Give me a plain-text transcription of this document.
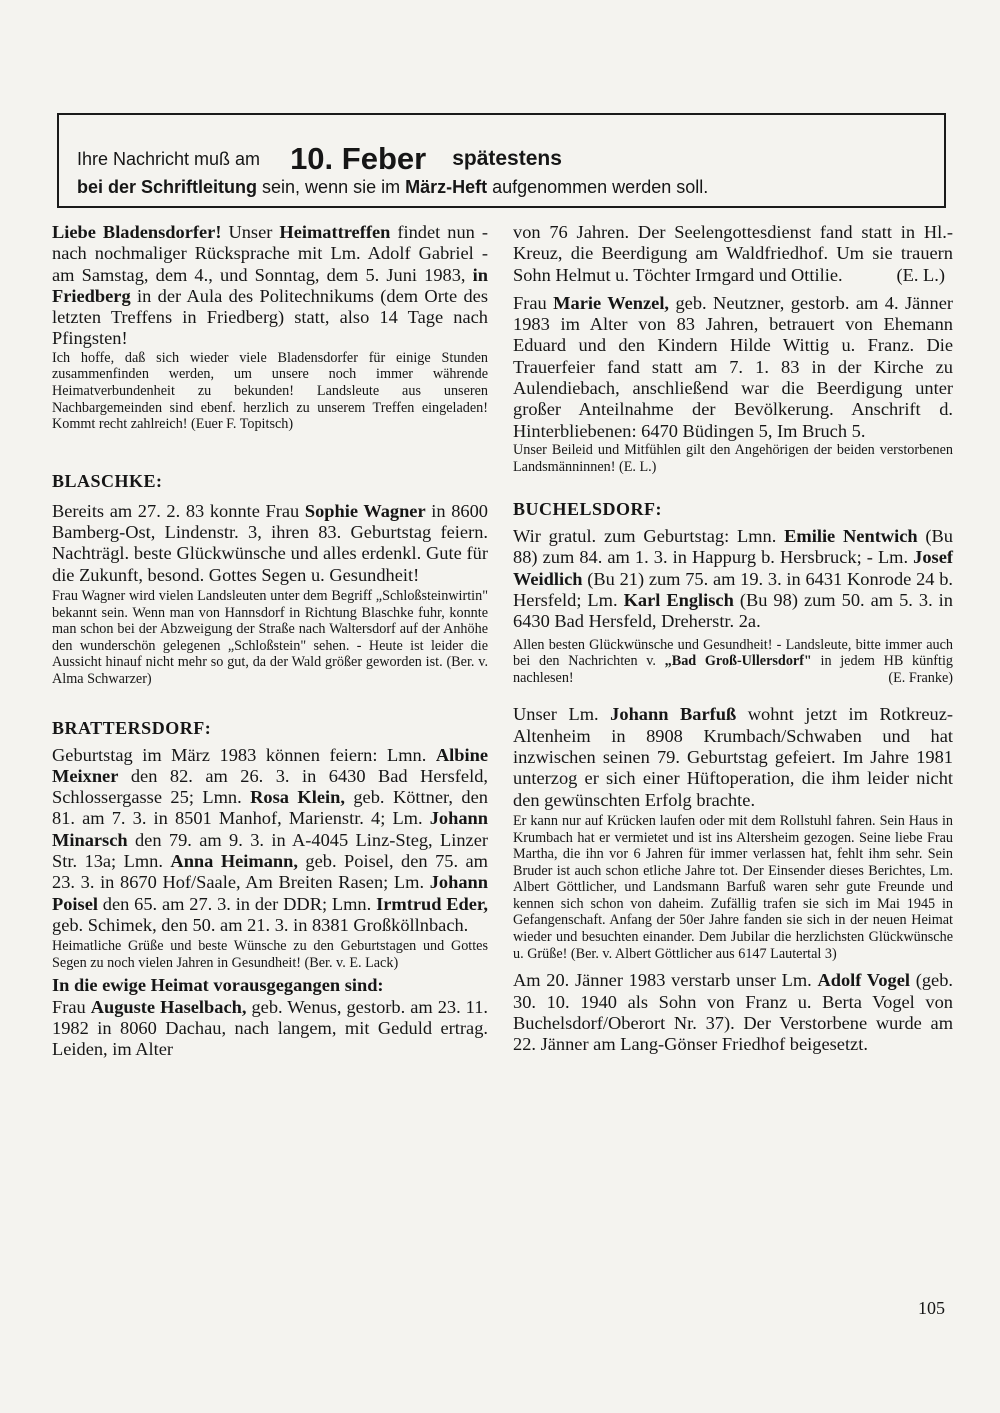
Ihre Nachricht muß am 10. Feber spätestens
bei der Schriftleitung sein, wenn sie im März-Heft aufgenommen werden soll.

Liebe Bladensdorfer! Unser Heimattreffen findet nun - nach nochmaliger Rücksprache mit Lm. Adolf Gabriel - am Samstag, dem 4., und Sonntag, dem 5. Juni 1983, in Friedberg in der Aula des Politechnikums (dem Orte des letzten Treffens in Friedberg) statt, also 14 Tage nach Pfingsten!

Ich hoffe, daß sich wieder viele Bladensdorfer für einige Stunden zusammenfinden werden, um unsere noch immer währende Heimatverbundenheit zu bekunden! Landsleute aus unseren Nachbargemeinden sind ebenf. herzlich zu unserem Treffen eingeladen! Kommt recht zahlreich! (Euer F. Topitsch)

BLASCHKE:

Bereits am 27. 2. 83 konnte Frau Sophie Wagner in 8600 Bamberg-Ost, Lindenstr. 3, ihren 83. Geburtstag feiern. Nachträgl. beste Glückwünsche und alles erdenkl. Gute für die Zukunft, besond. Gottes Segen u. Gesundheit!

Frau Wagner wird vielen Landsleuten unter dem Begriff „Schloßsteinwirtin" bekannt sein. Wenn man von Hannsdorf in Richtung Blaschke fuhr, konnte man schon bei der Abzweigung der Straße nach Waltersdorf auf der Anhöhe den wunderschön gelegenen „Schloßstein" sehen. - Heute ist leider die Aussicht hinauf nicht mehr so gut, da der Wald größer geworden ist. (Ber. v. Alma Schwarzer)

BRATTERSDORF:

Geburtstag im März 1983 können feiern: Lmn. Albine Meixner den 82. am 26. 3. in 6430 Bad Hersfeld, Schlossergasse 25; Lmn. Rosa Klein, geb. Köttner, den 81. am 7. 3. in 8501 Manhof, Marienstr. 4; Lm. Johann Minarsch den 79. am 9. 3. in A-4045 Linz-Steg, Linzer Str. 13a; Lmn. Anna Heimann, geb. Poisel, den 75. am 23. 3. in 8670 Hof/Saale, Am Breiten Rasen; Lm. Johann Poisel den 65. am 27. 3. in der DDR; Lmn. Irmtrud Eder, geb. Schimek, den 50. am 21. 3. in 8381 Großköllnbach.

Heimatliche Grüße und beste Wünsche zu den Geburtstagen und Gottes Segen zu noch vielen Jahren in Gesundheit! (Ber. v. E. Lack)

In die ewige Heimat vorausgegangen sind:

Frau Auguste Haselbach, geb. Wenus, gestorb. am 23. 11. 1982 in 8060 Dachau, nach langem, mit Geduld ertrag. Leiden, im Alter

von 76 Jahren. Der Seelengottesdienst fand statt in Hl.-Kreuz, die Beerdigung am Waldfriedhof. Um sie trauern Sohn Helmut u. Töchter Irmgard und Ottilie.	(E. L.)

Frau Marie Wenzel, geb. Neutzner, gestorb. am 4. Jänner 1983 im Alter von 83 Jahren, betrauert von Ehemann Eduard und den Kindern Hilde Wittig u. Franz. Die Trauerfeier fand statt am 7. 1. 83 in der Kirche zu Aulendiebach, anschließend war die Beerdigung unter großer Anteilnahme der Bevölkerung. Anschrift d. Hinterbliebenen: 6470 Büdingen 5, Im Bruch 5.

Unser Beileid und Mitfühlen gilt den Angehörigen der beiden verstorbenen Landsmänninnen! (E. L.)

BUCHELSDORF:

Wir gratul. zum Geburtstag: Lmn. Emilie Nentwich (Bu 88) zum 84. am 1. 3. in Happurg b. Hersbruck; - Lm. Josef Weidlich (Bu 21) zum 75. am 19. 3. in 6431 Konrode 24 b. Hersfeld; Lm. Karl Englisch (Bu 98) zum 50. am 5. 3. in 6430 Bad Hersfeld, Dreherstr. 2a.

Allen besten Glückwünsche und Gesundheit! - Landsleute, bitte immer auch bei den Nachrichten v. „Bad Groß-Ullersdorf" in jedem HB künftig nachlesen!	(E. Franke)

Unser Lm. Johann Barfuß wohnt jetzt im Rotkreuz-Altenheim in 8908 Krumbach/Schwaben und hat inzwischen seinen 79. Geburtstag gefeiert. Im Jahre 1981 unterzog er sich einer Hüftoperation, die ihm leider nicht den gewünschten Erfolg brachte.

Er kann nur auf Krücken laufen oder mit dem Rollstuhl fahren. Sein Haus in Krumbach hat er vermietet und ist ins Altersheim gezogen. Seine liebe Frau Martha, die ihn vor 6 Jahren für immer verlassen hat, fehlt ihm sehr. Sein Bruder ist auch schon etliche Jahre tot. Der Einsender dieses Berichtes, Lm. Albert Göttlicher, und Landsmann Barfuß waren sehr gute Freunde und kennen sich schon von daheim. Zufällig trafen sie sich im Mai 1945 in Gefangenschaft. Anfang der 50er Jahre fanden sie sich in der neuen Heimat wieder und besuchten einander. Dem Jubilar die herzlichsten Glückwünsche u. Grüße! (Ber. v. Albert Göttlicher aus 6147 Lautertal 3)

Am 20. Jänner 1983 verstarb unser Lm. Adolf Vogel (geb. 30. 10. 1940 als Sohn von Franz u. Berta Vogel von Buchelsdorf/Oberort Nr. 37). Der Verstorbene wurde am 22. Jänner am Lang-Gönser Friedhof beigesetzt.

105
